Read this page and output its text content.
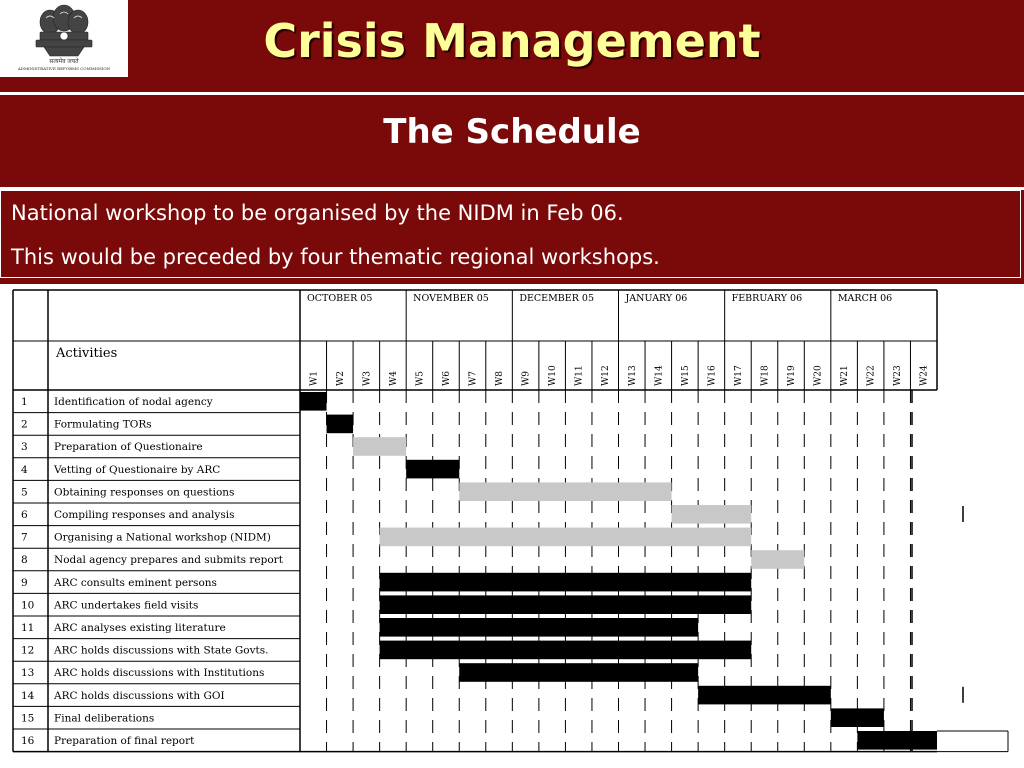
सत्यमेव जयते
ADMINISTRATIVE REFORMS COMMISSION
Crisis Management
The Schedule
National workshop to be organised by the NIDM in Feb 06.
This would be preceded by four thematic regional workshops.
OCTOBER 05	NOVEMBER 05	DECEMBER 05	JANUARY 06	FEBRUARY 06	MARCH 06
W1 W2 W3 W4 W5 W6 W7 W8 W9 W10 W11 W12 W13 W14 W15 W16 W17 W18 W19 W20 W21 W22 W23 W24
Activities
1	Identification of nodal agency
2	Formulating TORs
3	Preparation of Questionaire
4	Vetting of Questionaire by ARC
5	Obtaining responses on questions
6	Compiling responses and analysis
7	Organising a National workshop (NIDM)
8	Nodal agency prepares and submits report
9	ARC consults eminent persons
10 ARC undertakes field visits
11 ARC analyses existing literature
12 ARC holds discussions with State Govts.
13 ARC holds discussions with Institutions
14 ARC holds discussions with GOI
15 Final deliberations
16 Preparation of final report
